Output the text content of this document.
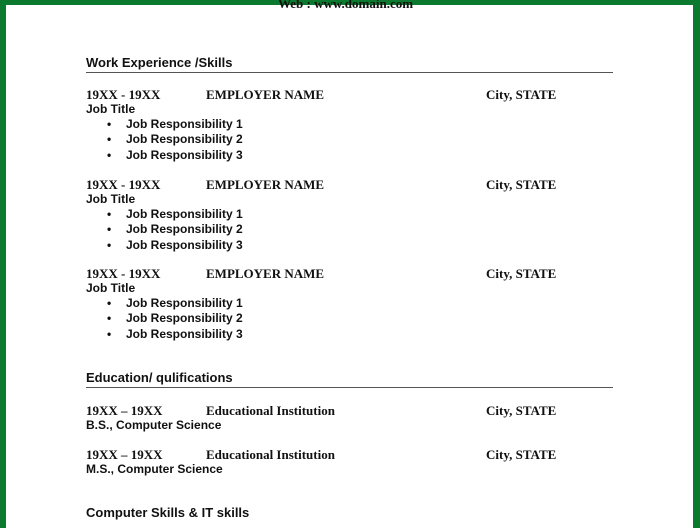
Web : www.domain.com
Work Experience /Skills
19XX - 19XX	EMPLOYER NAME	City, STATE

Job Title

• Job Responsibility 1
• Job Responsibility 2
• Job Responsibility 3
19XX - 19XX	EMPLOYER NAME	City, STATE

Job Title

• Job Responsibility 1
• Job Responsibility 2
• Job Responsibility 3
19XX - 19XX	EMPLOYER NAME	City, STATE

Job Title

• Job Responsibility 1
• Job Responsibility 2
• Job Responsibility 3
Education/ qulifications
19XX – 19XX	Educational Institution	City, STATE

B.S., Computer Science

19XX – 19XX	Educational Institution	City, STATE

M.S., Computer Science

Computer Skills & IT skills
